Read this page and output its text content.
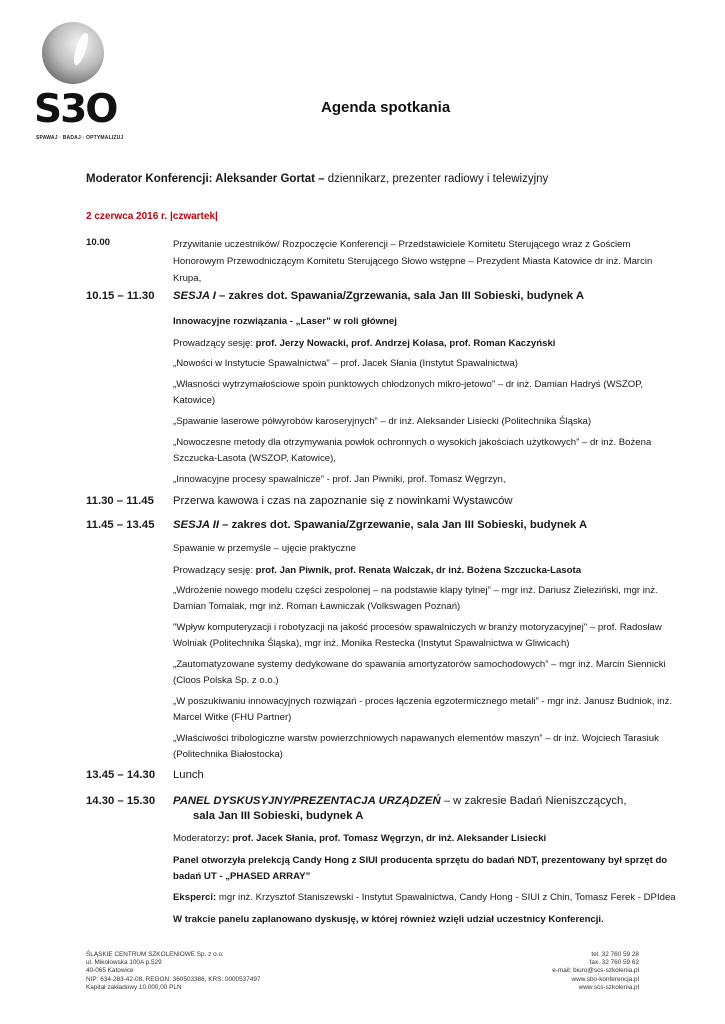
S3O
SPAWAJ · BADAJ · OPTYMALIZUJ
Agenda spotkania
Moderator Konferencji: Aleksander Gortat – dziennikarz, prezenter radiowy i telewizyjny
2 czerwca 2016 r. |czwartek|
10.00	Przywitanie uczestników/ Rozpoczęcie Konferencji – Przedstawiciele Komitetu Sterującego wraz z Gościem Honorowym Przewodniczącym Komitetu Sterującego Słowo wstępne – Prezydent Miasta Katowice dr inż. Marcin Krupa,
10.15 – 11.30 SESJA I – zakres dot. Spawania/Zgrzewania, sala Jan III Sobieski, budynek A
Innowacyjne rozwiązania - „Laser” w roli głównej
Prowadzący sesję: prof. Jerzy Nowacki, prof. Andrzej Kolasa, prof. Roman Kaczyński
„Nowości w Instytucie Spawalnictwa” – prof. Jacek Słania (Instytut Spawalnictwa)
„Własności wytrzymałościowe spoin punktowych chłodzonych mikro-jetowo” – dr inż. Damian Hadryś (WSZOP, Katowice)
„Spawanie laserowe półwyrobów karoseryjnych” – dr inż. Aleksander Lisiecki (Politechnika Śląska)
„Nowoczesne metody dla otrzymywania powłok ochronnych o wysokich jakościach użytkowych” – dr inż. Bożena Szczucka-Lasota (WSZOP, Katowice),
„Innowacyjne procesy spawalnicze” - prof. Jan Piwniki, prof. Tomasz Węgrzyn,
11.30 – 11.45 Przerwa kawowa i czas na zapoznanie się z nowinkami Wystawców
11.45 – 13.45 SESJA II – zakres dot. Spawania/Zgrzewanie, sala Jan III Sobieski, budynek A
Spawanie w przemyśle – ujęcie praktyczne
Prowadzący sesję: prof. Jan Piwnik, prof. Renata Walczak, dr inż. Bożena Szczucka-Lasota
„Wdrożenie nowego modelu części zespolonej – na podstawie klapy tylnej” – mgr inż. Dariusz Zieleziński, mgr inż. Damian Tomalak, mgr inż. Roman Ławniczak (Volkswagen Poznań)
"Wpływ komputeryzacji i robotyzacji na jakość procesów spawalniczych w branży motoryzacyjnej" – prof. Radosław Wolniak (Politechnika Śląska), mgr inż. Monika Restecka (Instytut Spawalnictwa w Gliwicach)
„Zautomatyzowane systemy dedykowane do spawania amortyzatorów samochodowych” – mgr inż. Marcin Siennicki (Cloos Polska Sp. z o.o.)
„W poszukiwaniu innowacyjnych rozwiązań - proces łączenia egzotermicznego metali” - mgr inż. Janusz Budniok, inż. Marcel Witke (FHU Partner)
„Właściwości tribologiczne warstw powierzchniowych napawanych elementów maszyn” – dr inż. Wojciech Tarasiuk (Politechnika Białostocka)
13.45 – 14.30 Lunch
14.30 – 15.30 PANEL DYSKUSYJNY/PREZENTACJA URZĄDZEŃ – w zakresie Badań Nieniszczących,
sala Jan III Sobieski, budynek A
Moderatorzy: prof. Jacek Słania, prof. Tomasz Węgrzyn, dr inż. Aleksander Lisiecki
Panel otworzyła prelekcją Candy Hong z SIUI producenta sprzętu do badań NDT, prezentowany był sprzęt do badań UT - „PHASED ARRAY”
Eksperci: mgr inż. Krzysztof Staniszewski - Instytut Spawalnictwa, Candy Hong - SIUI z Chin, Tomasz Ferek - DPIdea
W trakcie panelu zaplanowano dyskusję, w której również wzięli udział uczestnicy Konferencji.
ŚLĄSKIE CENTRUM SZKOLENIOWE Sp. z o.o.
ul. Mikołowska 100A p.529
40-065 Katowice
NIP: 634-283-42-08, REGON: 360503386, KRS: 0000537497
Kapitał zakładowy 10.000,00 PLN
tel. 32 760 59 28
fax. 32 760 59 62
e-mail: biuro@scs-szkolenia.pl
www.sbo-konferencja.pl
www.scs-szkolenia.pl
